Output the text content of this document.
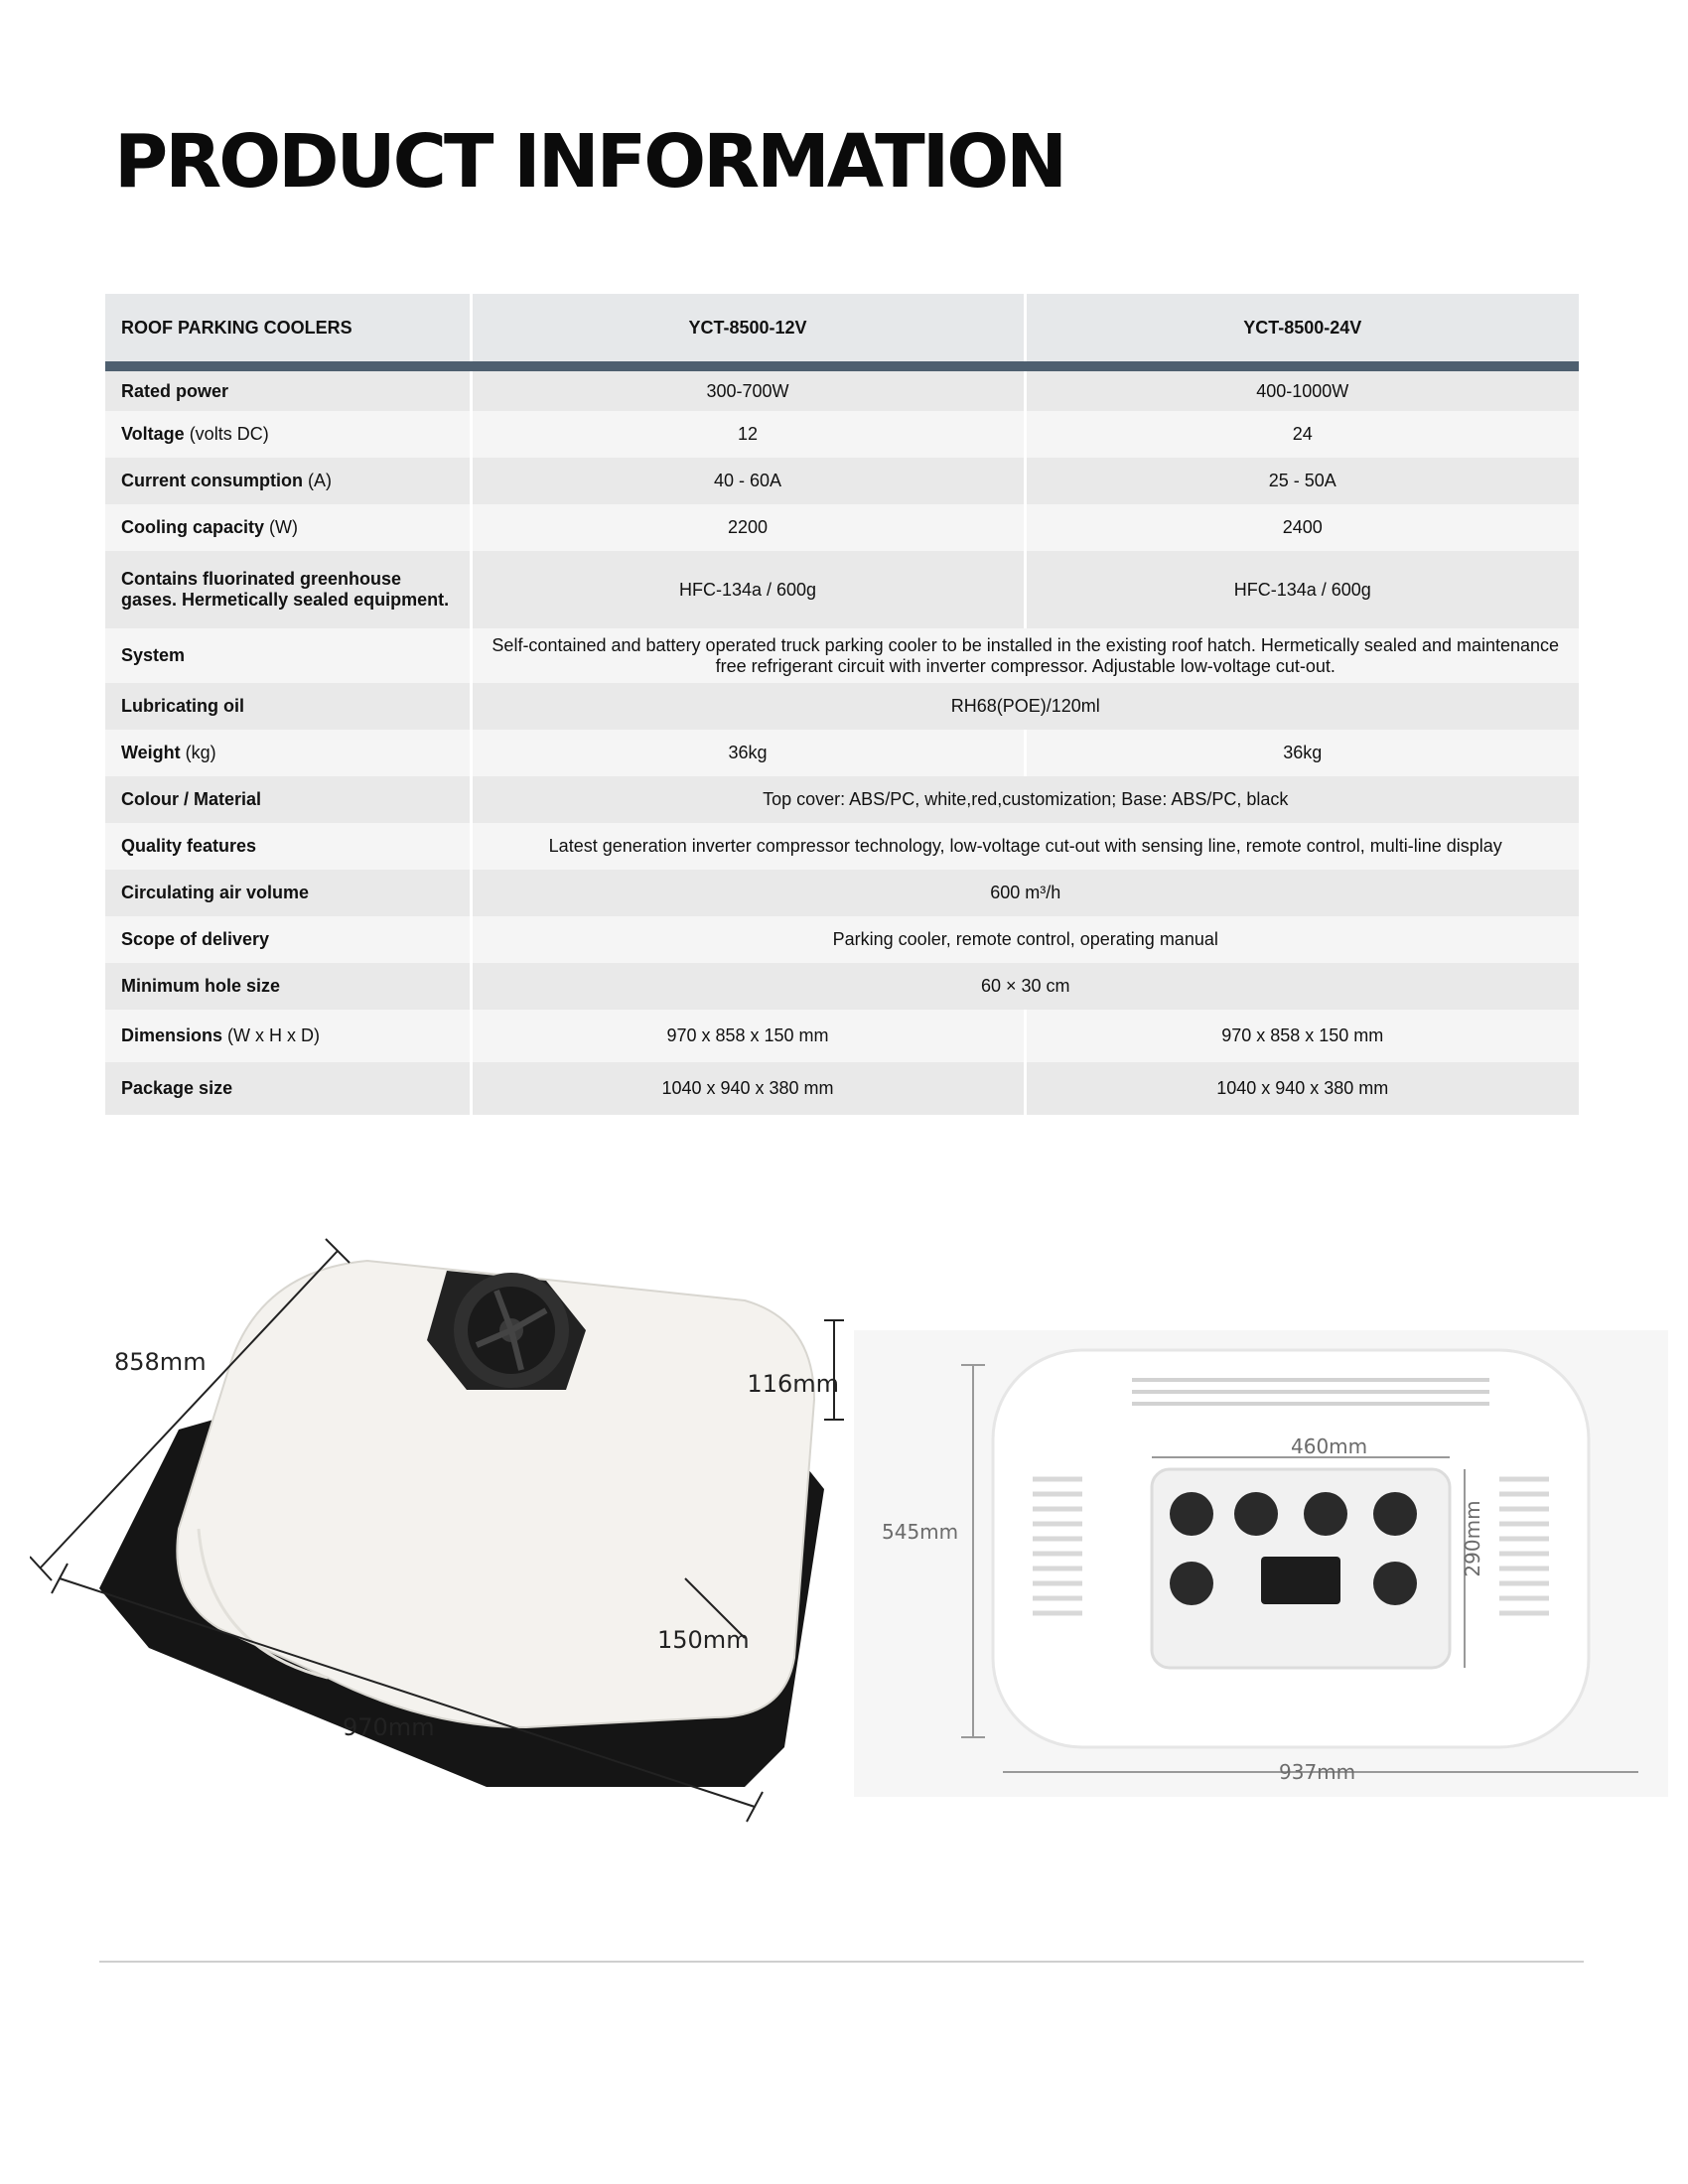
PRODUCT INFORMATION
ROOF PARKING COOLERS	YCT-8500-12V	YCT-8500-24V
Rated power	300-700W	400-1000W
Voltage (volts DC)	12	24
Current consumption (A)	40 - 60A	25 - 50A
Cooling capacity (W)	2200	2400
Contains fluorinated greenhouse gases. Hermetically sealed equipment.	HFC-134a / 600g	HFC-134a / 600g
System	Self-contained and battery operated truck parking cooler to be installed in the existing roof hatch. Hermetically sealed and maintenance free refrigerant circuit with inverter compressor. Adjustable low-voltage cut-out.	
Lubricating oil	RH68(POE)/120ml	
Weight (kg)	36kg	36kg
Colour / Material	Top cover: ABS/PC, white,red,customization; Base: ABS/PC, black	
Quality features	Latest generation inverter compressor technology, low-voltage cut-out with sensing line, remote control, multi-line display	
Circulating air volume	600 m³/h	
Scope of delivery	Parking cooler, remote control, operating manual	
Minimum hole size	60 × 30 cm	
Dimensions (W x H x D)	970 x 858 x 150 mm	970 x 858 x 150 mm
Package size	1040 x 940 x 380 mm	1040 x 940 x 380 mm
858mm
116mm
150mm
970mm
460mm
545mm	290mm
937mm
